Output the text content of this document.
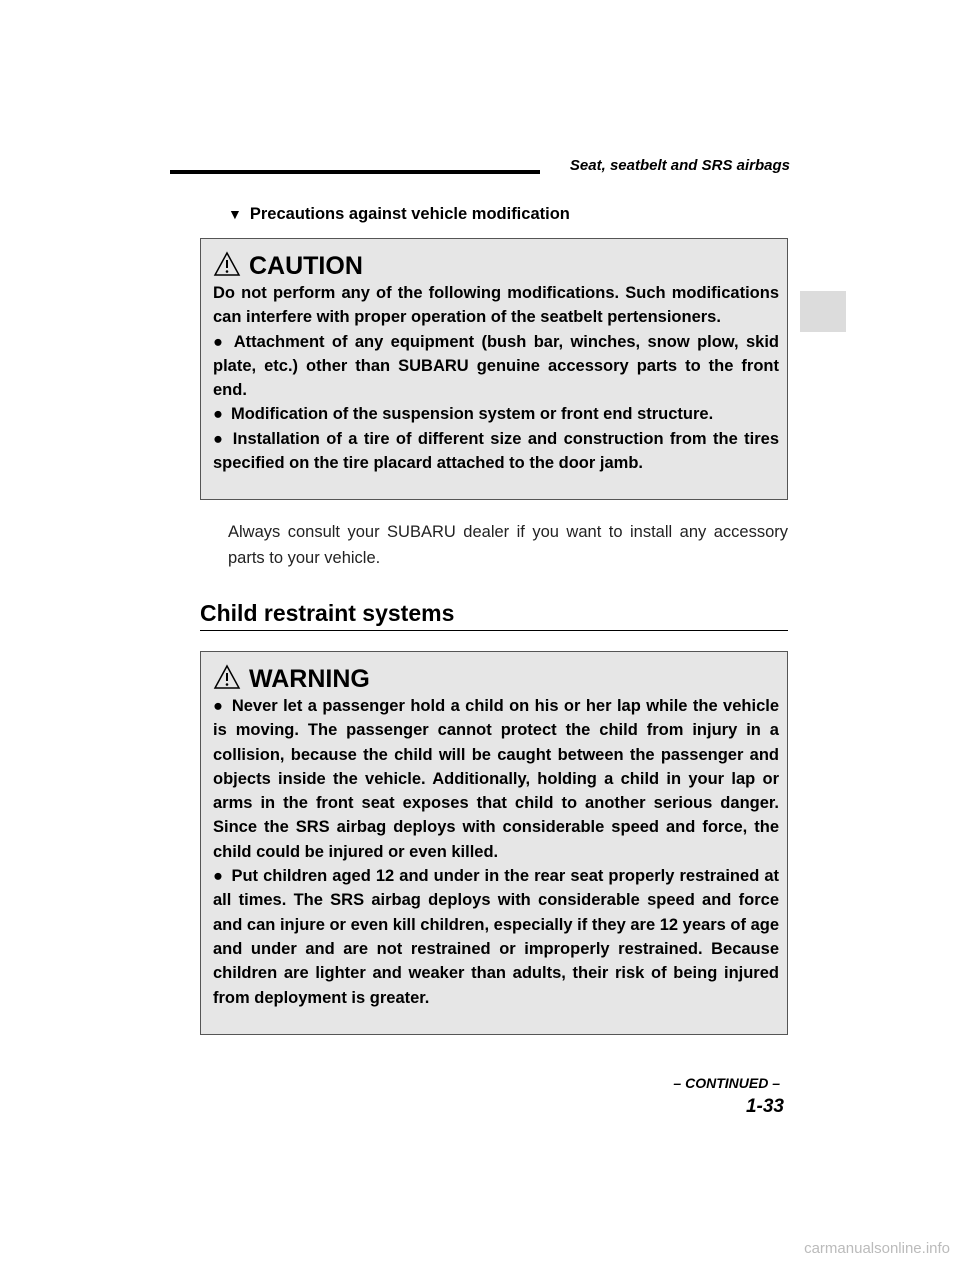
Seat, seatbelt and SRS airbags
▼ Precautions against vehicle modification
CAUTION

Do not perform any of the following modifications. Such modifications can interfere with proper operation of the seatbelt pertensioners.

● Attachment of any equipment (bush bar, winches, snow plow, skid plate, etc.) other than SUBARU genuine accessory parts to the front end.

● Modification of the suspension system or front end structure.

● Installation of a tire of different size and construction from the tires specified on the tire placard attached to the door jamb.

Always consult your SUBARU dealer if you want to install any accessory parts to your vehicle.
Child restraint systems
WARNING

● Never let a passenger hold a child on his or her lap while the vehicle is moving. The passenger cannot protect the child from injury in a collision, because the child will be caught between the passenger and objects inside the vehicle. Additionally, holding a child in your lap or arms in the front seat exposes that child to another serious danger. Since the SRS airbag deploys with considerable speed and force, the child could be injured or even killed.

● Put children aged 12 and under in the rear seat properly restrained at all times. The SRS airbag deploys with considerable speed and force and can injure or even kill children, especially if they are 12 years of age and under and are not restrained or improperly restrained. Because children are lighter and weaker than adults, their risk of being injured from deployment is greater.

– CONTINUED –
1-33
carmanualsonline.info
